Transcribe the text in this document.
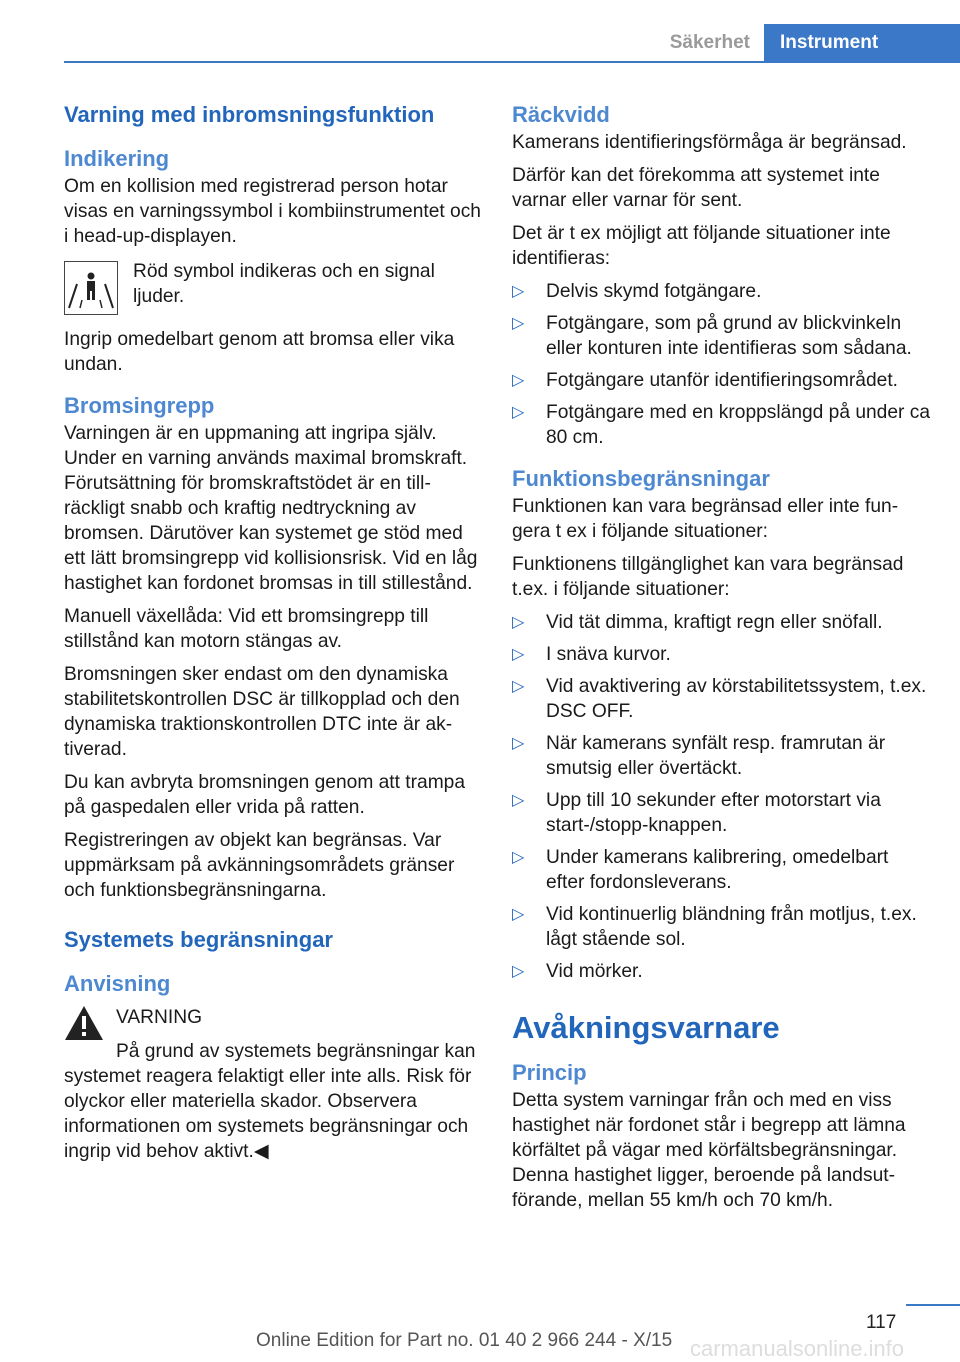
Säkerhet	Instrument
Varning med inbromsningsfunktion
Indikering

Om en kollision med registrerad person hotar visas en varningssymbol i kombiinstrumentet och i head-up-displayen.

Röd symbol indikeras och en signal ljuder.

Ingrip omedelbart genom att bromsa eller vika undan.

Bromsingrepp

Varningen är en uppmaning att ingripa själv. Under en varning används maximal bromskraft. Förutsättning för bromskraftstödet är en tillräckligt snabb och kraftig nedtryckning av bromsen. Därutöver kan systemet ge stöd med ett lätt bromsingrepp vid kollisionsrisk. Vid en låg hastighet kan fordonet bromsas in till stillestånd.

Manuell växellåda: Vid ett bromsingrepp till stillstånd kan motorn stängas av.

Bromsningen sker endast om den dynamiska stabilitetskontrollen DSC är tillkopplad och den dynamiska traktionskontrollen DTC inte är aktiverad.

Du kan avbryta bromsningen genom att trampa på gaspedalen eller vrida på ratten.

Registreringen av objekt kan begränsas. Var uppmärksam på avkänningsområdets gränser och funktionsbegränsningarna.

Systemets begränsningar
Anvisning

VARNING

På grund av systemets begränsningar kan systemet reagera felaktigt eller inte alls. Risk för olyckor eller materiella skador. Observera informationen om systemets begränsningar och ingrip vid behov aktivt.◀

Räckvidd

Kamerans identifieringsförmåga är begränsad.

Därför kan det förekomma att systemet inte varnar eller varnar för sent.

Det är t ex möjligt att följande situationer inte identifieras:

▷ Delvis skymd fotgängare.
▷ Fotgängare, som på grund av blickvinkeln eller konturen inte identifieras som sådana.
▷ Fotgängare utanför identifieringsområdet.
▷ Fotgängare med en kroppslängd på under ca 80 cm.
Funktionsbegränsningar

Funktionen kan vara begränsad eller inte fungera t ex i följande situationer:

Funktionens tillgänglighet kan vara begränsad t.ex. i följande situationer:

▷ Vid tät dimma, kraftigt regn eller snöfall.
▷ I snäva kurvor.
▷ Vid avaktivering av körstabilitetssystem, t.ex. DSC OFF.
▷ När kamerans synfält resp. framrutan är smutsig eller övertäckt.
▷ Upp till 10 sekunder efter motorstart via start-/stopp-knappen.
▷ Under kamerans kalibrering, omedelbart efter fordonsleverans.
▷ Vid kontinuerlig bländning från motljus, t.ex. lågt stående sol.
▷ Vid mörker.
Avåkningsvarnare
Princip

Detta system varningar från och med en viss hastighet när fordonet står i begrepp att lämna körfältet på vägar med körfältsbegränsningar. Denna hastighet ligger, beroende på landsutförande, mellan 55 km/h och 70 km/h.

117
carmanualsonline.info
Online Edition for Part no. 01 40 2 966 244 - X/15
